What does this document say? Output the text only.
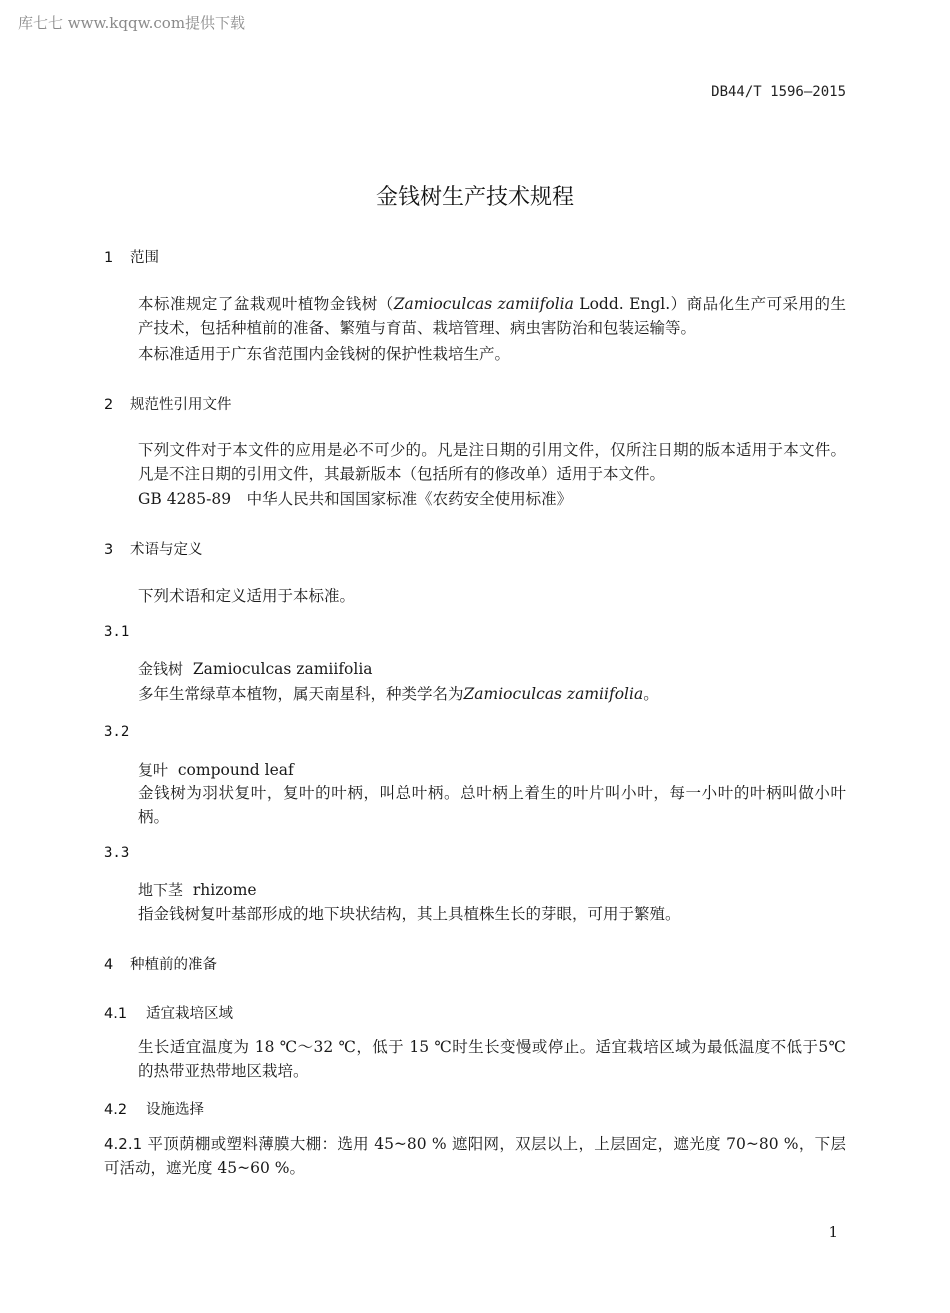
库七七 www.kqqw.com提供下载
DB44/T 1596—2015
金钱树生产技术规程
1 范围
本标准规定了盆栽观叶植物金钱树（Zamioculcas zamiifolia Lodd. Engl.）商品化生产可采用的生产技术，包括种植前的准备、繁殖与育苗、栽培管理、病虫害防治和包装运输等。
本标准适用于广东省范围内金钱树的保护性栽培生产。
2 规范性引用文件
下列文件对于本文件的应用是必不可少的。凡是注日期的引用文件，仅所注日期的版本适用于本文件。凡是不注日期的引用文件，其最新版本（包括所有的修改单）适用于本文件。
GB 4285-89　中华人民共和国国家标准《农药安全使用标准》
3 术语与定义
下列术语和定义适用于本标准。
3.1
金钱树 Zamioculcas zamiifolia
多年生常绿草本植物，属天南星科，种类学名为Zamioculcas zamiifolia。
3.2
复叶 compound leaf
金钱树为羽状复叶，复叶的叶柄，叫总叶柄。总叶柄上着生的叶片叫小叶，每一小叶的叶柄叫做小叶柄。
3.3
地下茎 rhizome
指金钱树复叶基部形成的地下块状结构，其上具植株生长的芽眼，可用于繁殖。
4 种植前的准备
4.1 适宜栽培区域
生长适宜温度为 18 ℃～32 ℃，低于 15 ℃时生长变慢或停止。适宜栽培区域为最低温度不低于5℃ 的热带亚热带地区栽培。
4.2 设施选择
4.2.1 平顶荫棚或塑料薄膜大棚：选用 45~80 % 遮阳网，双层以上，上层固定，遮光度 70~80 %，下层可活动，遮光度 45~60 %。
1
